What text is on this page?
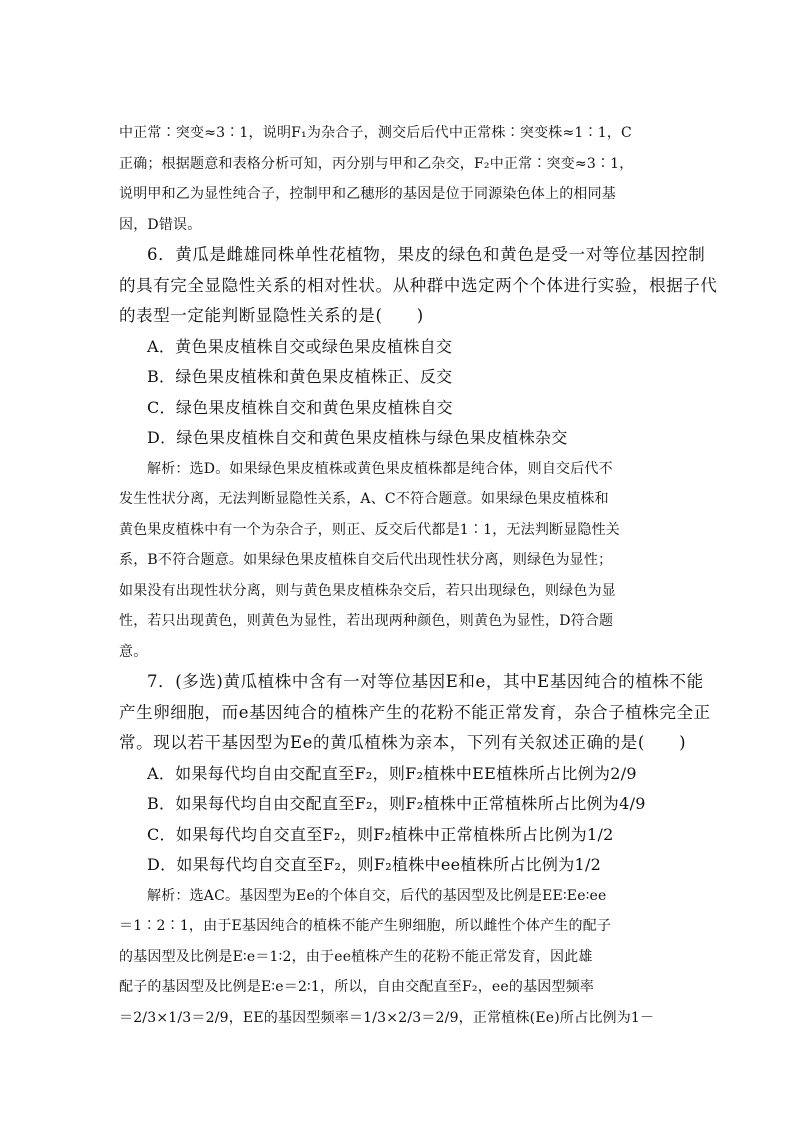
中正常∶突变≈3∶1，说明F₁为杂合子，测交后后代中正常株∶突变株≈1∶1，C
正确；根据题意和表格分析可知，丙分别与甲和乙杂交，F₂中正常∶突变≈3∶1，
说明甲和乙为显性纯合子，控制甲和乙穗形的基因是位于同源染色体上的相同基
因，D错误。
6．黄瓜是雌雄同株单性花植物，果皮的绿色和黄色是受一对等位基因控制
的具有完全显隐性关系的相对性状。从种群中选定两个个体进行实验，根据子代
的表型一定能判断显隐性关系的是(　　)
A．黄色果皮植株自交或绿色果皮植株自交
B．绿色果皮植株和黄色果皮植株正、反交
C．绿色果皮植株自交和黄色果皮植株自交
D．绿色果皮植株自交和黄色果皮植株与绿色果皮植株杂交
解析：选D。如果绿色果皮植株或黄色果皮植株都是纯合体，则自交后代不
发生性状分离，无法判断显隐性关系，A、C不符合题意。如果绿色果皮植株和
黄色果皮植株中有一个为杂合子，则正、反交后代都是1∶1，无法判断显隐性关
系，B不符合题意。如果绿色果皮植株自交后代出现性状分离，则绿色为显性；
如果没有出现性状分离，则与黄色果皮植株杂交后，若只出现绿色，则绿色为显
性，若只出现黄色，则黄色为显性，若出现两种颜色，则黄色为显性，D符合题
意。
7．(多选)黄瓜植株中含有一对等位基因E和e，其中E基因纯合的植株不能
产生卵细胞，而e基因纯合的植株产生的花粉不能正常发育，杂合子植株完全正
常。现以若干基因型为Ee的黄瓜植株为亲本，下列有关叙述正确的是(　　)
A．如果每代均自由交配直至F₂，则F₂植株中EE植株所占比例为2/9
B．如果每代均自由交配直至F₂，则F₂植株中正常植株所占比例为4/9
C．如果每代均自交直至F₂，则F₂植株中正常植株所占比例为1/2
D．如果每代均自交直至F₂，则F₂植株中ee植株所占比例为1/2
解析：选AC。基因型为Ee的个体自交，后代的基因型及比例是EE∶Ee∶ee
＝1∶2∶1，由于E基因纯合的植株不能产生卵细胞，所以雌性个体产生的配子
的基因型及比例是E∶e＝1∶2，由于ee植株产生的花粉不能正常发育，因此雄
配子的基因型及比例是E∶e＝2∶1，所以，自由交配直至F₂，ee的基因型频率
＝2/3×1/3＝2/9，EE的基因型频率＝1/3×2/3＝2/9，正常植株(Ee)所占比例为1－
